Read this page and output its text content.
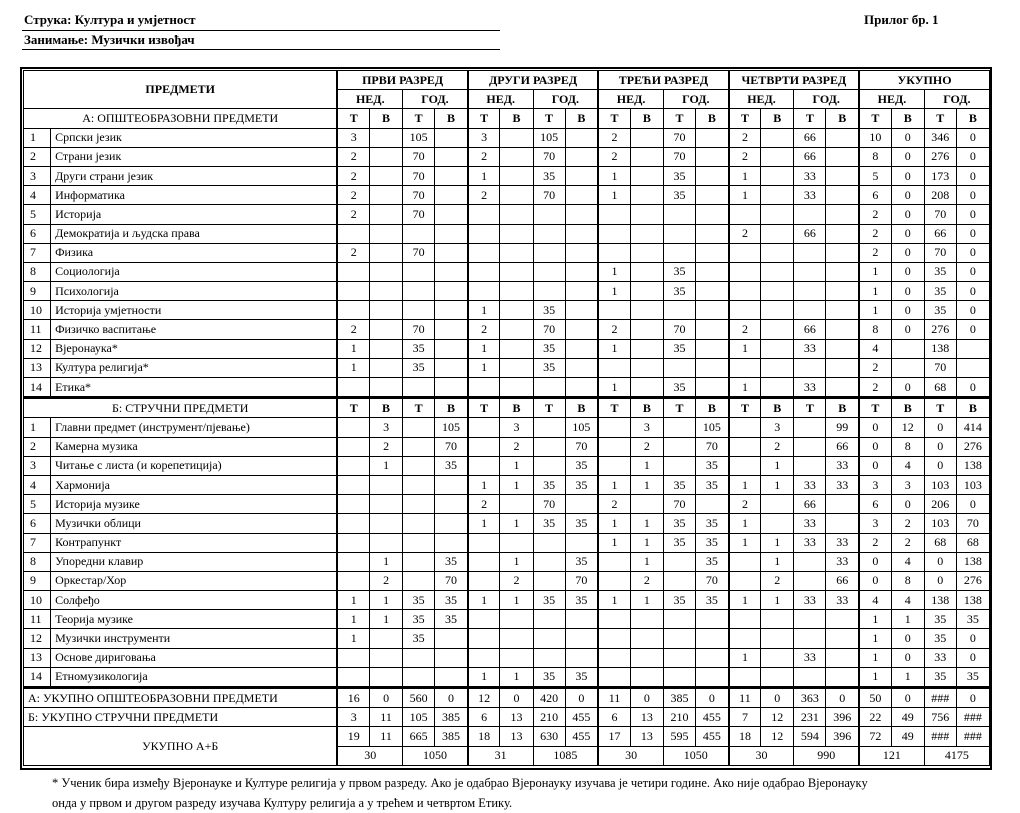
Струка: Култура и умјетност
Занимање: Музички извођач
Прилог бр. 1
ПРЕДМЕТИ		ПРВИ РАЗРЕД				ДРУГИ РАЗРЕД				ТРЕЋИ РАЗРЕД				ЧЕТВРТИ РАЗРЕД				УКУПНО			
		НЕД.		ГОД.		НЕД.		ГОД.		НЕД.		ГОД.		НЕД.		ГОД.		НЕД.		ГОД.	
А: ОПШТЕОБРАЗОВНИ ПРЕДМЕТИ		Т	В	Т	В	Т	В	Т	В	Т	В	Т	В	Т	В	Т	В	Т	В	Т	В
1	Српски језик	3		105		3		105		2		70		2		66		10	0	346	0
2	Страни језик	2		70		2		70		2		70		2		66		8	0	276	0
3	Други страни језик	2		70		1		35		1		35		1		33		5	0	173	0
4	Информатика	2		70		2		70		1		35		1		33		6	0	208	0
5	Историја	2		70														2	0	70	0
6	Демократија и људска права													2		66		2	0	66	0
7	Физика	2		70														2	0	70	0
8	Социологија									1		35						1	0	35	0
9	Психологија									1		35						1	0	35	0
10	Историја умјетности					1		35										1	0	35	0
11	Физичко васпитање	2		70		2		70		2		70		2		66		8	0	276	0
12	Вјеронаука*	1		35		1		35		1		35		1		33		4		138	
13	Култура религија*	1		35		1		35										2		70	
14	Етика*									1		35		1		33		2	0	68	0
Б: СТРУЧНИ ПРЕДМЕТИ		Т	В	Т	В	Т	В	Т	В	Т	В	Т	В	Т	В	Т	В	Т	В	Т	В
1	Главни предмет (инструмент/пјевање)		3		105		3		105		3		105		3		99	0	12	0	414
2	Камерна музика		2		70		2		70		2		70		2		66	0	8	0	276
3	Читање с листа (и корепетиција)		1		35		1		35		1		35		1		33	0	4	0	138
4	Хармонија					1	1	35	35	1	1	35	35	1	1	33	33	3	3	103	103
5	Историја музике					2		70		2		70		2		66		6	0	206	0
6	Музички облици					1	1	35	35	1	1	35	35	1		33		3	2	103	70
7	Контрапункт									1	1	35	35	1	1	33	33	2	2	68	68
8	Упоредни клавир		1		35		1		35		1		35		1		33	0	4	0	138
9	Оркестар/Хор		2		70		2		70		2		70		2		66	0	8	0	276
10	Солфеђо	1	1	35	35	1	1	35	35	1	1	35	35	1	1	33	33	4	4	138	138
11	Теорија музике	1	1	35	35													1	1	35	35
12	Музички инструменти	1		35														1	0	35	0
13	Основе дириговања													1		33		1	0	33	0
14	Етномузикологија					1	1	35	35									1	1	35	35
А: УКУПНО ОПШТЕОБРАЗОВНИ ПРЕДМЕТИ		16	0	560	0	12	0	420	0	11	0	385	0	11	0	363	0	50	0	###	0
Б: УКУПНО СТРУЧНИ ПРЕДМЕТИ		3	11	105	385	6	13	210	455	6	13	210	455	7	12	231	396	22	49	756	###
УКУПНО А+Б		19	11	665	385	18	13	630	455	17	13	595	455	18	12	594	396	72	49	###	###
		30		1050		31		1085		30		1050		30		990		121		4175	
* Ученик бира између Вјеронауке и Културе религија у првом разреду. Ако је одабрао Вјеронауку изучава је четири године. Ако није одабрао Вјеронауку
онда у првом и другом разреду изучава Културу религија а у трећем и четвртом Етику.
